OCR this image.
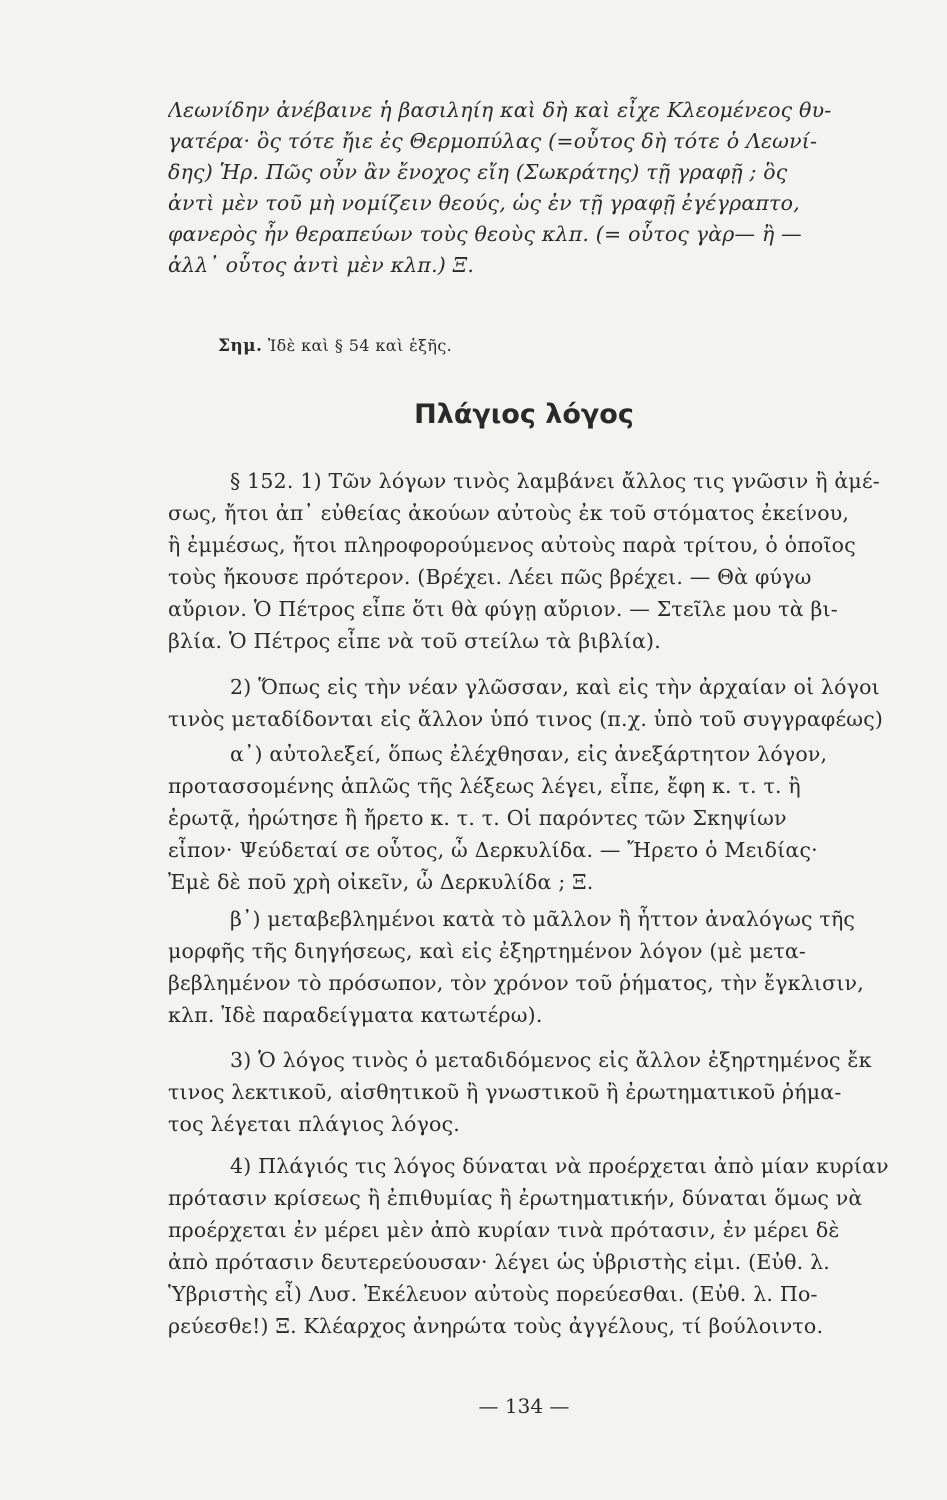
Λεωνίδην ἀνέβαινε ἡ βασιληίη καὶ δὴ καὶ εἶχε Κλεομένεος θυ-
γατέρα· ὃς τότε ἤιε ἐς Θερμοπύλας (=οὗτος δὴ τότε ὁ Λεωνί-
δης) Ἡρ. Πῶς οὖν ἂν ἔνοχος εἴη (Σωκράτης) τῇ γραφῇ ; ὃς
ἀντὶ μὲν τοῦ μὴ νομίζειν θεούς, ὡς ἐν τῇ γραφῇ ἐγέγραπτο,
φανερὸς ἦν θεραπεύων τοὺς θεοὺς κλπ. (= οὗτος γὰρ— ἢ —
ἀλλ᾽ οὗτος ἀντὶ μὲν κλπ.) Ξ.
Σημ. Ἰδὲ καὶ § 54 καὶ ἑξῆς.
Πλάγιος λόγος
§ 152. 1) Τῶν λόγων τινὸς λαμβάνει ἄλλος τις γνῶσιν ἢ ἀμέ-
σως, ἤτοι ἀπ᾽ εὐθείας ἀκούων αὐτοὺς ἐκ τοῦ στόματος ἐκείνου,
ἢ ἐμμέσως, ἤτοι πληροφορούμενος αὐτοὺς παρὰ τρίτου, ὁ ὁποῖος
τοὺς ἤκουσε πρότερον. (Βρέχει. Λέει πῶς βρέχει. — Θὰ φύγω
αὔριον. Ὁ Πέτρος εἶπε ὅτι θὰ φύγῃ αὔριον. — Στεῖλε μου τὰ βι-
βλία. Ὁ Πέτρος εἶπε νὰ τοῦ στείλω τὰ βιβλία).
2) Ὅπως εἰς τὴν νέαν γλῶσσαν, καὶ εἰς τὴν ἀρχαίαν οἱ λόγοι
τινὸς μεταδίδονται εἰς ἄλλον ὑπό τινος (π.χ. ὑπὸ τοῦ συγγραφέως)
α᾽) αὐτολεξεί, ὅπως ἐλέχθησαν, εἰς ἀνεξάρτητον λόγον,
προτασσομένης ἁπλῶς τῆς λέξεως λέγει, εἶπε, ἔφη κ. τ. τ. ἢ
ἐρωτᾷ, ἠρώτησε ἢ ἤρετο κ. τ. τ. Οἱ παρόντες τῶν Σκηψίων
εἶπον· Ψεύδεταί σε οὗτος, ὦ Δερκυλίδα. — Ἤρετο ὁ Μειδίας·
Ἐμὲ δὲ ποῦ χρὴ οἰκεῖν, ὦ Δερκυλίδα ; Ξ.
β᾽) μεταβεβλημένοι κατὰ τὸ μᾶλλον ἢ ἧττον ἀναλόγως τῆς
μορφῆς τῆς διηγήσεως, καὶ εἰς ἐξηρτημένον λόγον (μὲ μετα-
βεβλημένον τὸ πρόσωπον, τὸν χρόνον τοῦ ῥήματος, τὴν ἔγκλισιν,
κλπ. Ἰδὲ παραδείγματα κατωτέρω).
3) Ὁ λόγος τινὸς ὁ μεταδιδόμενος εἰς ἄλλον ἐξηρτημένος ἔκ
τινος λεκτικοῦ, αἰσθητικοῦ ἢ γνωστικοῦ ἢ ἐρωτηματικοῦ ῥήμα-
τος λέγεται πλάγιος λόγος.
4) Πλάγιός τις λόγος δύναται νὰ προέρχεται ἀπὸ μίαν κυρίαν
πρότασιν κρίσεως ἢ ἐπιθυμίας ἢ ἐρωτηματικήν, δύναται ὅμως νὰ
προέρχεται ἐν μέρει μὲν ἀπὸ κυρίαν τινὰ πρότασιν, ἐν μέρει δὲ
ἀπὸ πρότασιν δευτερεύουσαν· λέγει ὡς ὑβριστὴς εἰμι. (Εὐθ. λ.
Ὑβριστὴς εἶ) Λυσ. Ἐκέλευον αὐτοὺς πορεύεσθαι. (Εὐθ. λ. Πο-
ρεύεσθε!) Ξ. Κλέαρχος ἀνηρώτα τοὺς ἀγγέλους, τί βούλοιντο.
— 134 —
